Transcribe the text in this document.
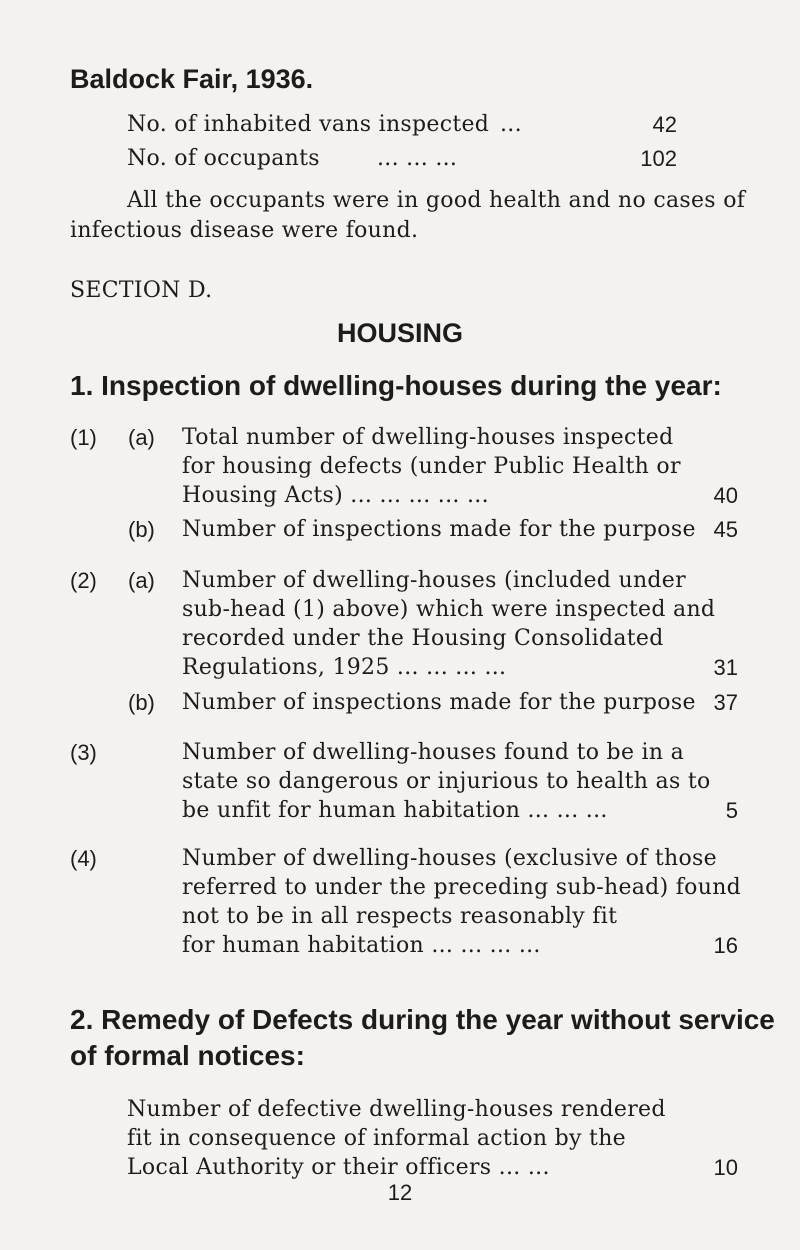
Baldock Fair, 1936.
No. of inhabited vans inspected ...	42
No. of occupants	... ... ...	102
All the occupants were in good health and no cases of
infectious disease were found.
SECTION D.
HOUSING
1. Inspection of dwelling-houses during the year:
(1) (a) Total number of dwelling-houses inspected
for housing defects (under Public Health or
Housing Acts) ... ... ... ... ...	40
(b) Number of inspections made for the purpose 45
(2) (a) Number of dwelling-houses (included under
sub-head (1) above) which were inspected and
recorded under the Housing Consolidated
Regulations, 1925 ... ... ... ...	31
(b) Number of inspections made for the purpose 37
(3)	Number of dwelling-houses found to be in a
state so dangerous or injurious to health as to
be unfit for human habitation ... ... ...	5
(4)	Number of dwelling-houses (exclusive of those
referred to under the preceding sub-head) found
not to be in all respects reasonably fit
for human habitation ... ... ... ...	16
2. Remedy of Defects during the year without service
of formal notices:
Number of defective dwelling-houses rendered
fit in consequence of informal action by the
Local Authority or their officers ... ...	10
12
